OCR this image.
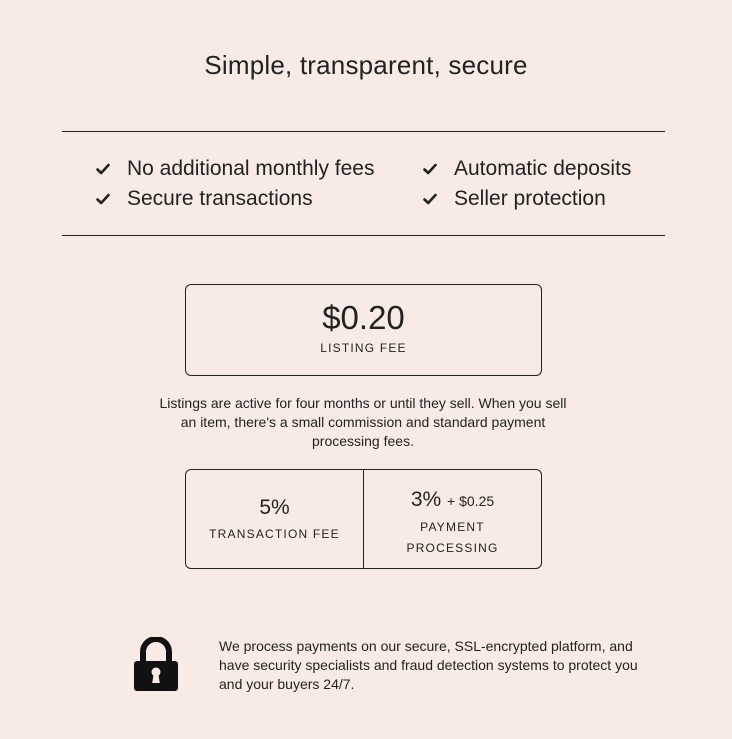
Simple, transparent, secure
No additional monthly fees
Secure transactions
Automatic deposits
Seller protection
$0.20
LISTING FEE
Listings are active for four months or until they sell. When you sell an item, there's a small commission and standard payment processing fees.
5%
TRANSACTION FEE
3% + $0.25
PAYMENT
PROCESSING
We process payments on our secure, SSL-encrypted platform, and have security specialists and fraud detection systems to protect you and your buyers 24/7.
